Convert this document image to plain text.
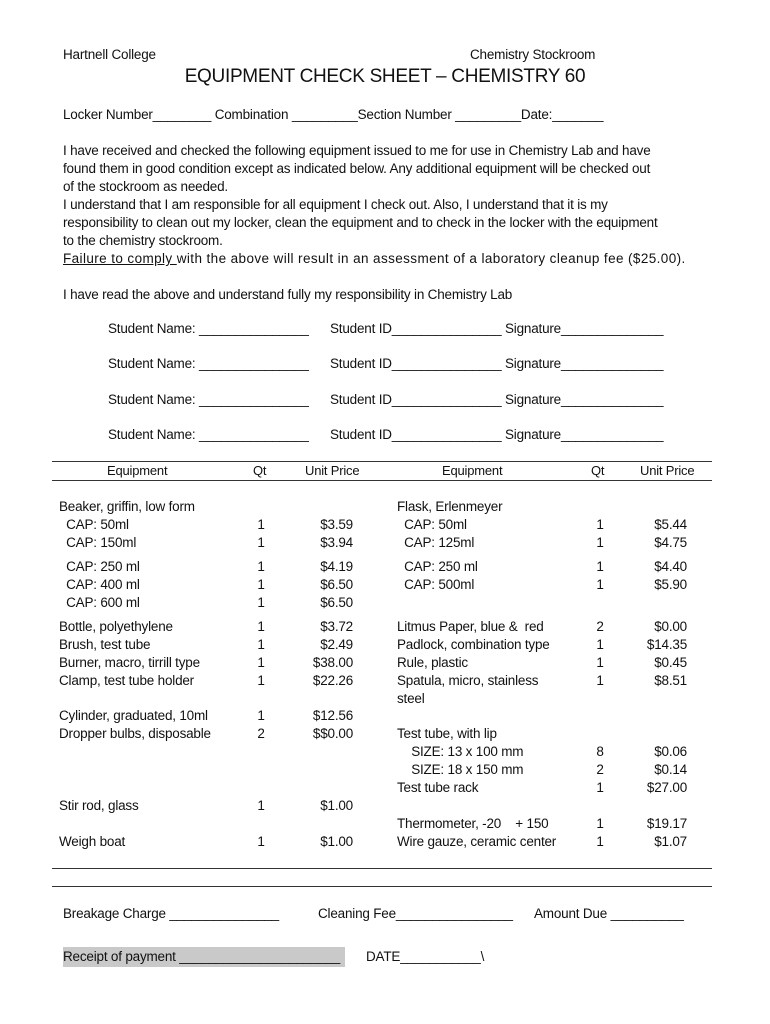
Hartnell College	Chemistry Stockroom
EQUIPMENT CHECK SHEET – CHEMISTRY 60
Locker Number________ Combination _________Section Number _________Date:_______
I have received and checked the following equipment issued to me for use in Chemistry Lab and have
found them in good condition except as indicated below. Any additional equipment will be checked out
of the stockroom as needed.
I understand that I am responsible for all equipment I check out. Also, I understand that it is my
responsibility to clean out my locker, clean the equipment and to check in the locker with the equipment
to the chemistry stockroom.
Failure to comply with the above will result in an assessment of a laboratory cleanup fee ($25.00).
I have read the above and understand fully my responsibility in Chemistry Lab
Student Name: _______________ Student ID_______________ Signature______________
Student Name: _______________ Student ID_______________ Signature______________
Student Name: _______________ Student ID_______________ Signature______________
Student Name: _______________ Student ID_______________ Signature______________
Equipment	Qt	Unit Price	Equipment	Qt	Unit Price
Beaker, griffin, low form
CAP: 50ml	1	$3.59
CAP: 150ml	1	$3.94
CAP: 250 ml	1	$4.19
CAP: 400 ml	1	$6.50
CAP: 600 ml	1	$6.50
Bottle, polyethylene	1	$3.72
Brush, test tube	1	$2.49
Burner, macro, tirrill type	1	$38.00
Clamp, test tube holder	1	$22.26
Cylinder, graduated, 10ml	1	$12.56
Dropper bulbs, disposable	2	$$0.00
Stir rod, glass	1	$1.00
Weigh boat	1	$1.00
Flask, Erlenmeyer
CAP: 50ml	1	$5.44
CAP: 125ml	1	$4.75
CAP: 250 ml	1	$4.40
CAP: 500ml	1	$5.90
Litmus Paper, blue &  red	2	$0.00
Padlock, combination type	1	$14.35
Rule, plastic	1	$0.45
Spatula, micro, stainless	1	$8.51
steel
Test tube, with lip
SIZE: 13 x 100 mm	8	$0.06
SIZE: 18 x 150 mm	2	$0.14
Test tube rack	1	$27.00
Thermometer, -20    + 150	1	$19.17
Wire gauze, ceramic center	1	$1.07
Breakage Charge _______________	Cleaning Fee________________ Amount Due __________
Receipt of payment ______________________ DATE___________\
